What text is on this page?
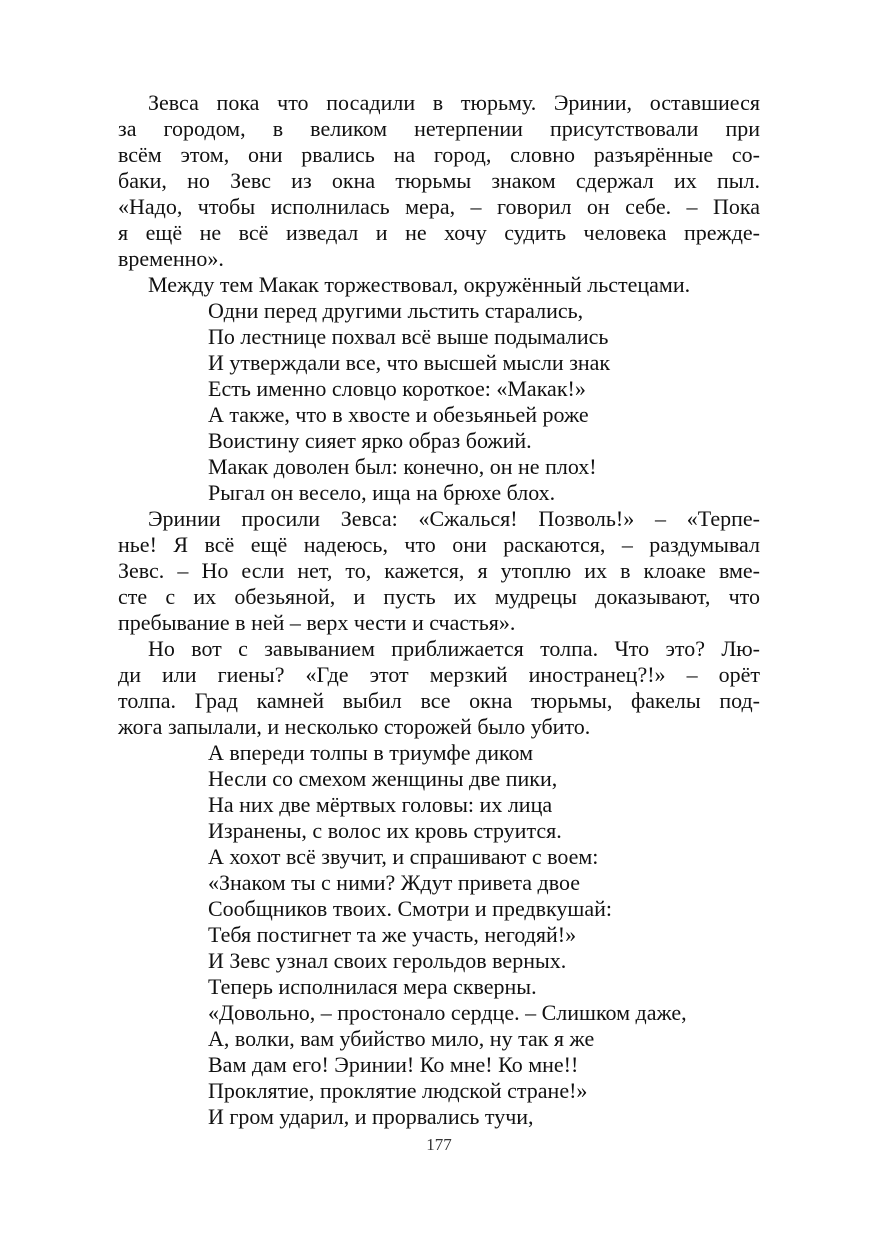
Зевса пока что посадили в тюрьму. Эринии, оставшиеся
за городом, в великом нетерпении присутствовали при
всём этом, они рвались на город, словно разъярённые со-
баки, но Зевс из окна тюрьмы знаком сдержал их пыл.
«Надо, чтобы исполнилась мера, – говорил он себе. – Пока
я ещё не всё изведал и не хочу судить человека прежде-
временно».
Между тем Макак торжествовал, окружённый льстецами.
Одни перед другими льстить старались,
По лестнице похвал всё выше подымались
И утверждали все, что высшей мысли знак
Есть именно словцо короткое: «Макак!»
А также, что в хвосте и обезьяньей роже
Воистину сияет ярко образ божий.
Макак доволен был: конечно, он не плох!
Рыгал он весело, ища на брюхе блох.
Эринии просили Зевса: «Сжалься! Позволь!» – «Терпе-
нье! Я всё ещё надеюсь, что они раскаются, – раздумывал
Зевс. – Но если нет, то, кажется, я утоплю их в клоаке вме-
сте с их обезьяной, и пусть их мудрецы доказывают, что
пребывание в ней – верх чести и счастья».
Но вот с завыванием приближается толпа. Что это? Лю-
ди или гиены? «Где этот мерзкий иностранец?!» – орёт
толпа. Град камней выбил все окна тюрьмы, факелы под-
жога запылали, и несколько сторожей было убито.
А впереди толпы в триумфе диком
Несли со смехом женщины две пики,
На них две мёртвых головы: их лица
Изранены, с волос их кровь струится.
А хохот всё звучит, и спрашивают с воем:
«Знаком ты с ними? Ждут привета двое
Сообщников твоих. Смотри и предвкушай:
Тебя постигнет та же участь, негодяй!»
И Зевс узнал своих герольдов верных.
Теперь исполнилася мера скверны.
«Довольно, – простонало сердце. – Слишком даже,
А, волки, вам убийство мило, ну так я же
Вам дам его! Эринии! Ко мне! Ко мне!!
Проклятие, проклятие людской стране!»
И гром ударил, и прорвались тучи,
177
